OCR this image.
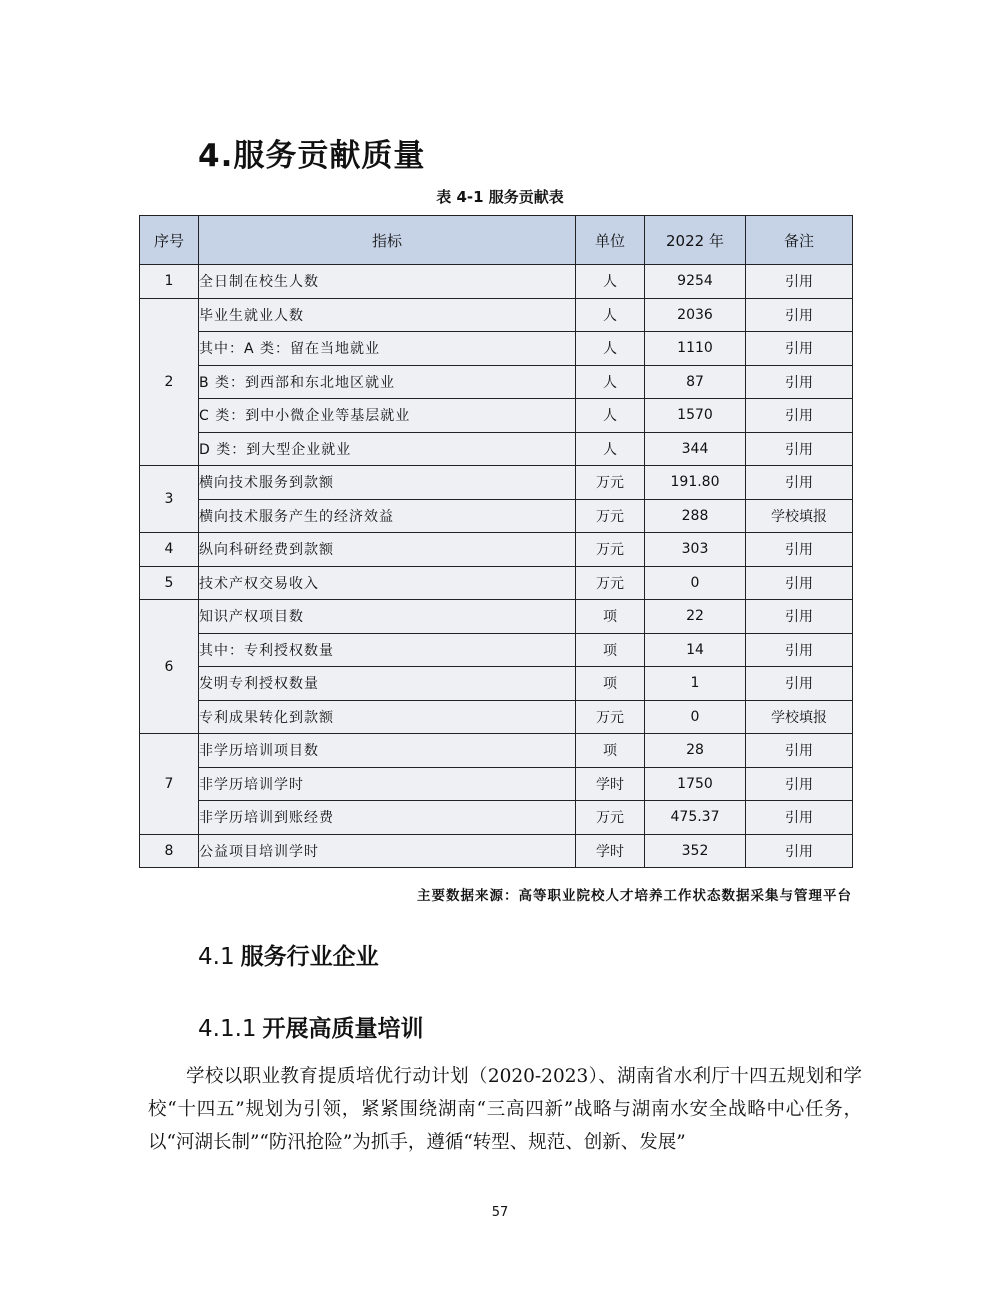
4.服务贡献质量
表 4-1 服务贡献表
序号	指标	单位	2022 年	备注
1	全日制在校生人数	人	9254	引用
2	毕业生就业人数	人	2036	引用
	其中：A 类：留在当地就业	人	1110	引用
	B 类：到西部和东北地区就业	人	87	引用
	C 类：到中小微企业等基层就业	人	1570	引用
	D 类：到大型企业就业	人	344	引用
3	横向技术服务到款额	万元	191.80	引用
	横向技术服务产生的经济效益	万元	288	学校填报
4	纵向科研经费到款额	万元	303	引用
5	技术产权交易收入	万元	0	引用
6	知识产权项目数	项	22	引用
	其中：专利授权数量	项	14	引用
	发明专利授权数量	项	1	引用
	专利成果转化到款额	万元	0	学校填报
7	非学历培训项目数	项	28	引用
	非学历培训学时	学时	1750	引用
	非学历培训到账经费	万元	475.37	引用
8	公益项目培训学时	学时	352	引用
主要数据来源：高等职业院校人才培养工作状态数据采集与管理平台
4.1 服务行业企业
4.1.1 开展高质量培训

学校以职业教育提质培优行动计划（2020-2023）、湖南省水利厅十四五规划和学校“十四五”规划为引领，紧紧围绕湖南“三高四新”战略与湖南水安全战略中心任务，以“河湖长制”“防汛抢险”为抓手，遵循“转型、规范、创新、发展”

57
